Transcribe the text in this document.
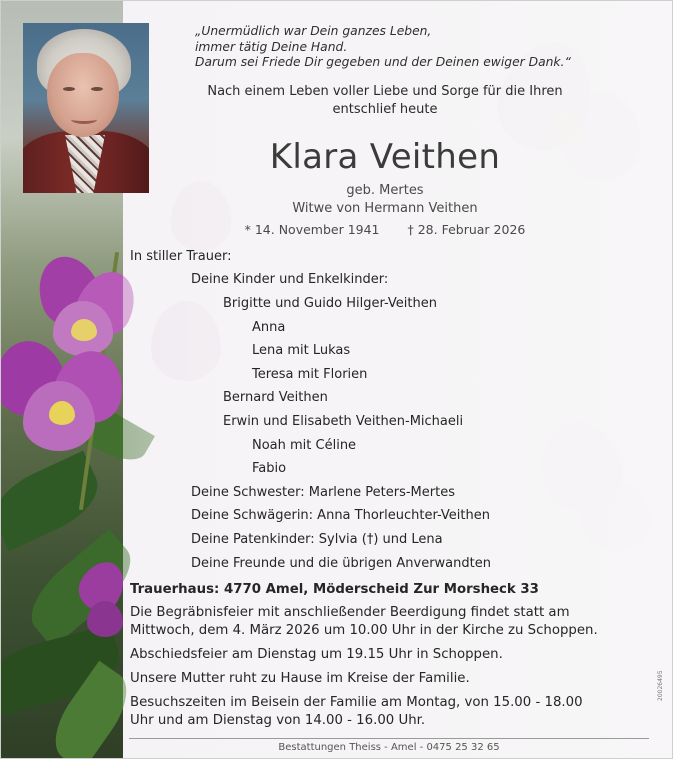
„Unermüdlich war Dein ganzes Leben,
immer tätig Deine Hand.
Darum sei Friede Dir gegeben und der Deinen ewiger Dank.“
Nach einem Leben voller Liebe und Sorge für die Ihren
entschlief heute
Klara Veithen
geb. Mertes
Witwe von Hermann Veithen
* 14. November 1941 † 28. Februar 2026
In stiller Trauer:
Deine Kinder und Enkelkinder:
Brigitte und Guido Hilger-Veithen
Anna
Lena mit Lukas
Teresa mit Florien
Bernard Veithen
Erwin und Elisabeth Veithen-Michaeli
Noah mit Céline
Fabio
Deine Schwester: Marlene Peters-Mertes
Deine Schwägerin: Anna Thorleuchter-Veithen
Deine Patenkinder: Sylvia (†) und Lena
Deine Freunde und die übrigen Anverwandten
Trauerhaus: 4770 Amel, Möderscheid Zur Morsheck 33
Die Begräbnisfeier mit anschließender Beerdigung findet statt am
Mittwoch, dem 4. März 2026 um 10.00 Uhr in der Kirche zu Schoppen.
Abschiedsfeier am Dienstag um 19.15 Uhr in Schoppen.
Unsere Mutter ruht zu Hause im Kreise der Familie.
Besuchszeiten im Beisein der Familie am Montag, von 15.00 - 18.00
Uhr und am Dienstag von 14.00 - 16.00 Uhr.
Bestattungen Theiss - Amel - 0475 25 32 65
20026495
